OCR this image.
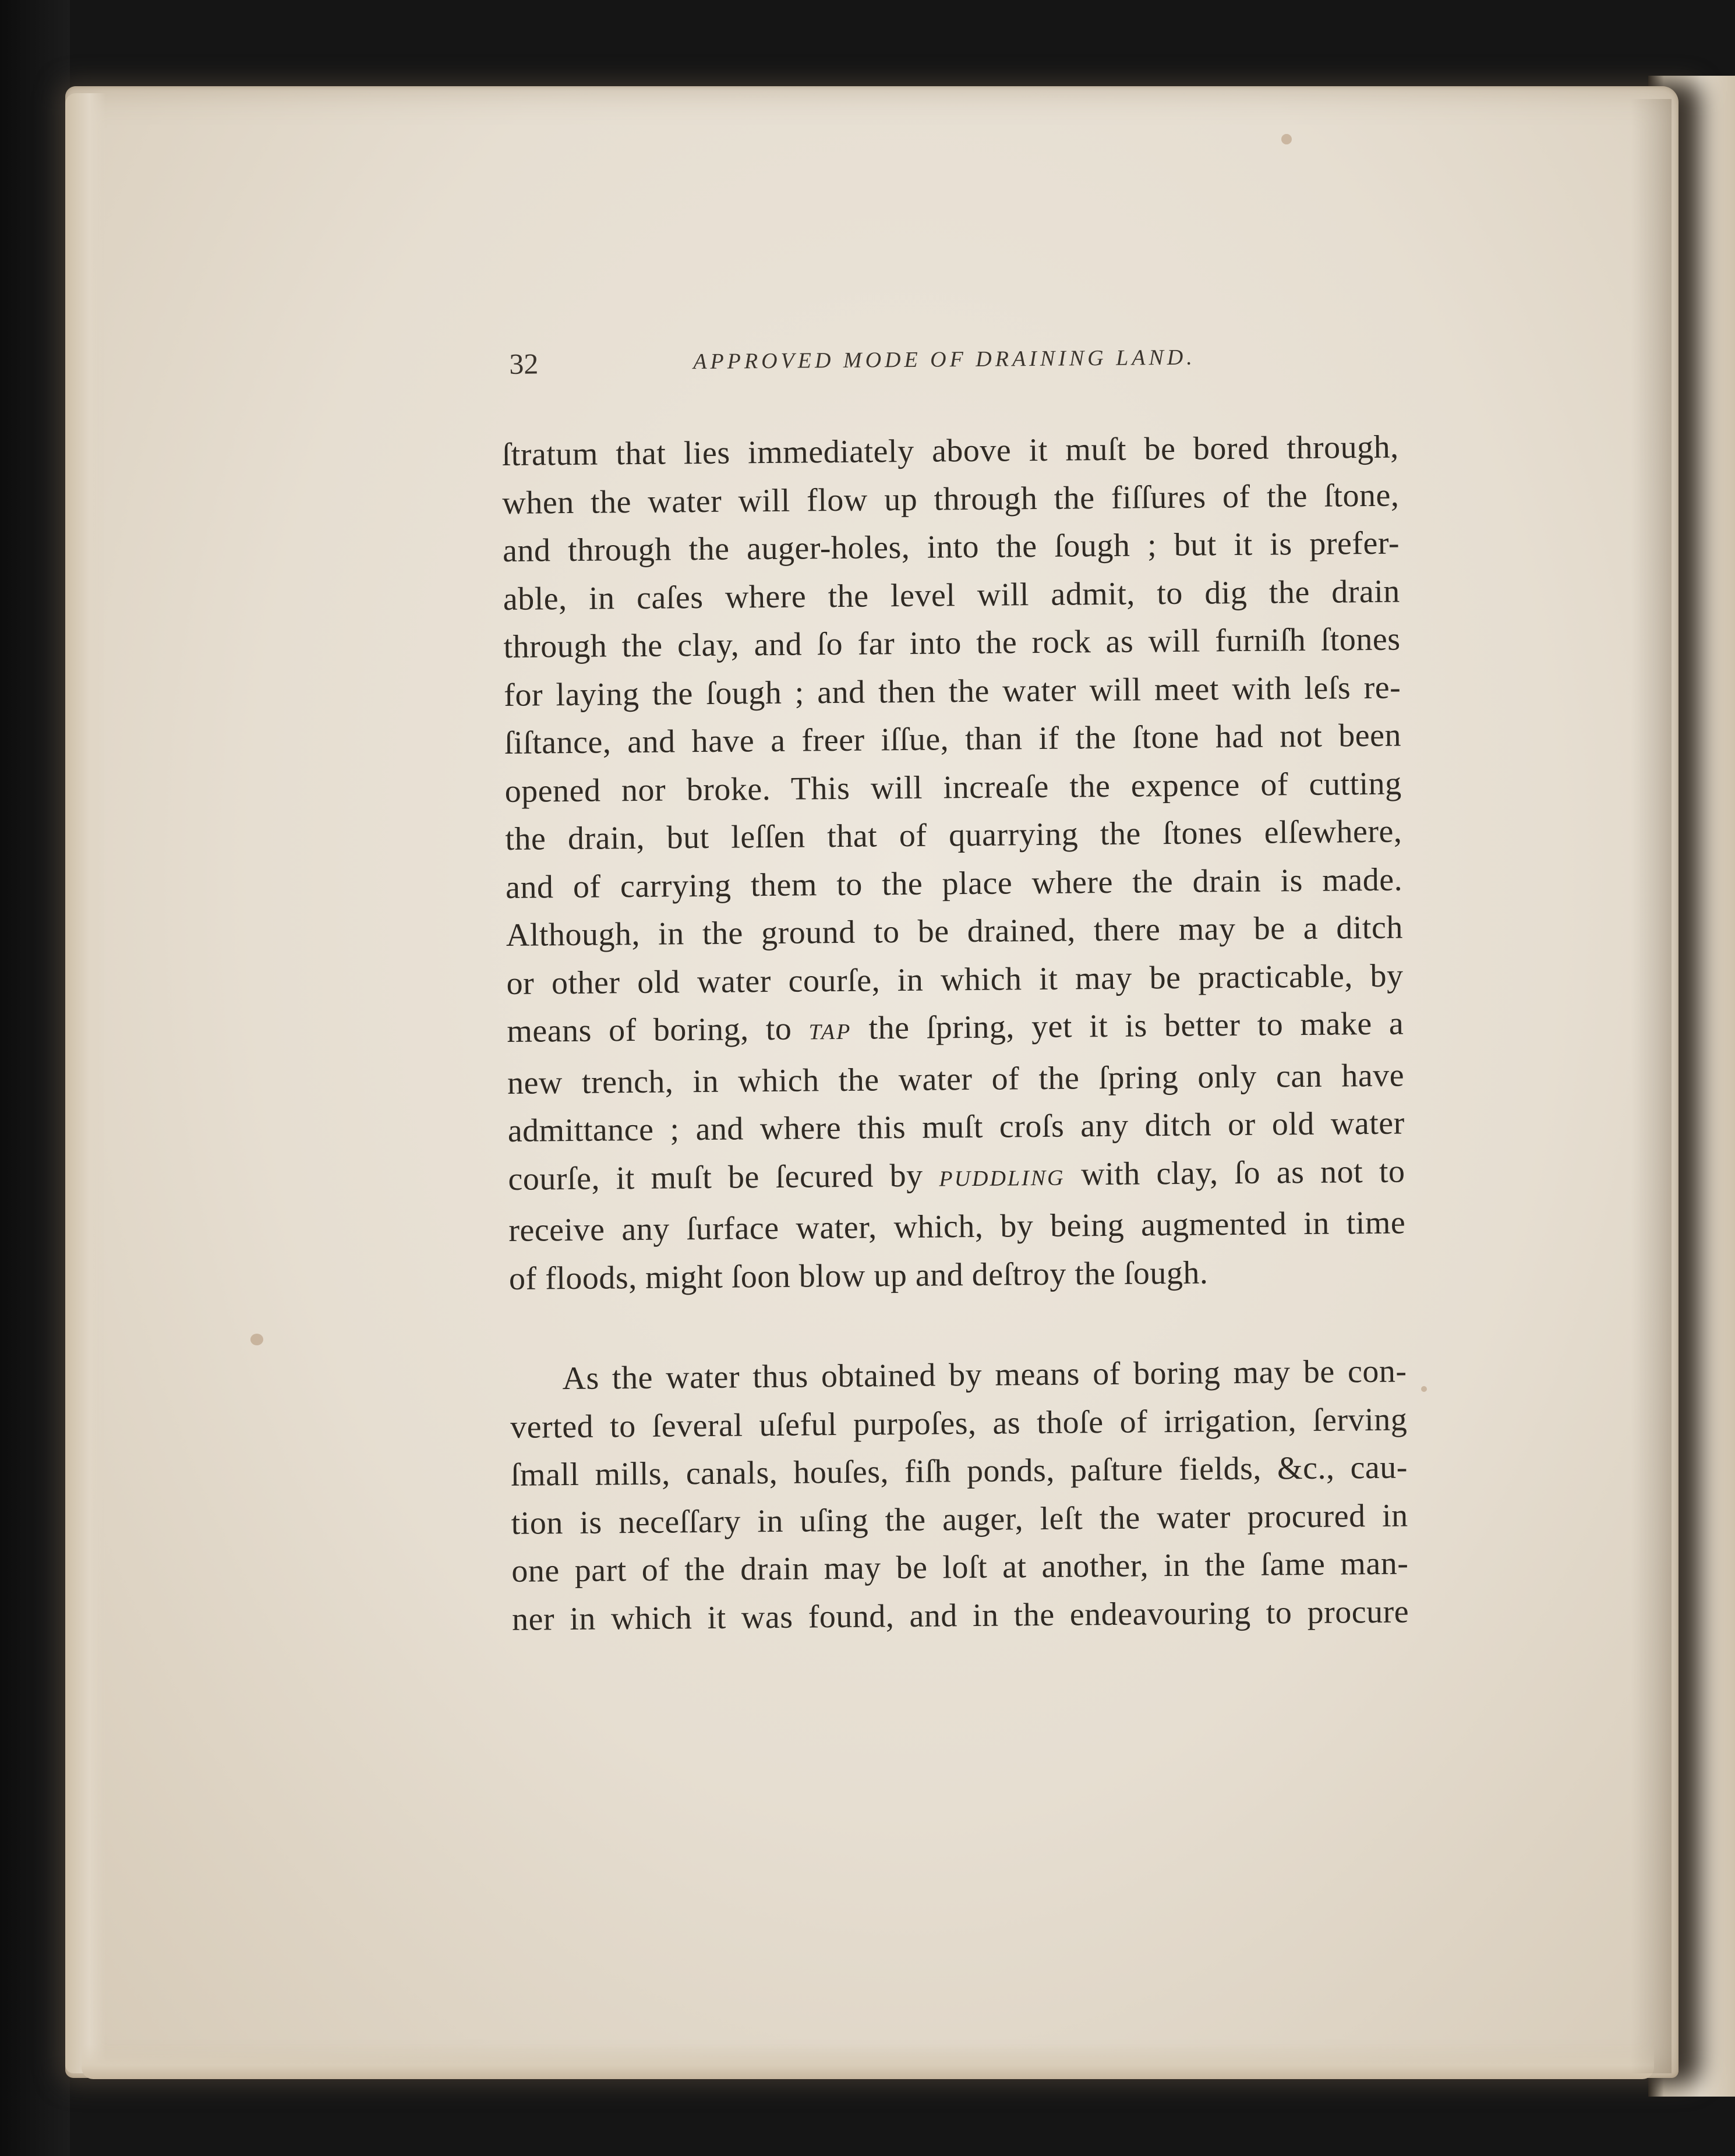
32	APPROVED MODE OF DRAINING LAND.

ſtratum that lies immediately above it muſt be bored through,
when the water will flow up through the fiſſures of the ſtone,
and through the auger-holes, into the ſough ; but it is prefer-
able, in caſes where the level will admit, to dig the drain
through the clay, and ſo far into the rock as will furniſh ſtones
for laying the ſough ; and then the water will meet with leſs re-
ſiſtance, and have a freer iſſue, than if the ſtone had not been
opened nor broke. This will increaſe the expence of cutting
the drain, but leſſen that of quarrying the ſtones elſewhere,
and of carrying them to the place where the drain is made.
Although, in the ground to be drained, there may be a ditch
or other old water courſe, in which it may be practicable, by
means of boring, to TAP the ſpring, yet it is better to make a
new trench, in which the water of the ſpring only can have
admittance ; and where this muſt croſs any ditch or old water
courſe, it muſt be ſecured by PUDDLING with clay, ſo as not to
receive any ſurface water, which, by being augmented in time
of floods, might ſoon blow up and deſtroy the ſough.

As the water thus obtained by means of boring may be con-
verted to ſeveral uſeful purpoſes, as thoſe of irrigation, ſerving
ſmall mills, canals, houſes, fiſh ponds, paſture fields, &c., cau-
tion is neceſſary in uſing the auger, leſt the water procured in
one part of the drain may be loſt at another, in the ſame man-
ner in which it was found, and in the endeavouring to procure
